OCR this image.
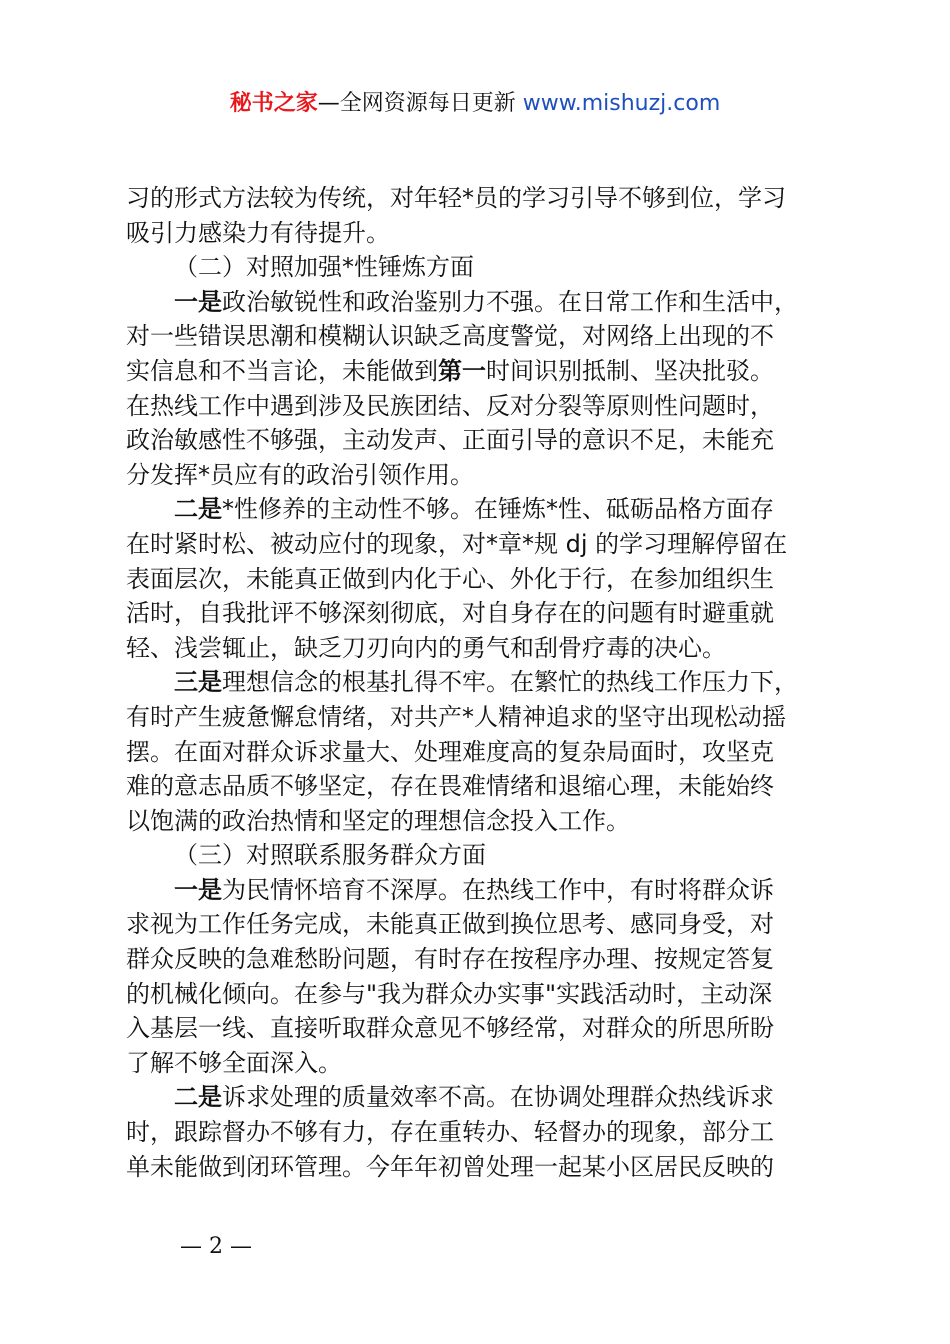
秘书之家—全网资源每日更新 www.mishuzj.com
习的形式方法较为传统，对年轻*员的学习引导不够到位，学习
吸引力感染力有待提升。
（二）对照加强*性锤炼方面
一是政治敏锐性和政治鉴别力不强。在日常工作和生活中，
对一些错误思潮和模糊认识缺乏高度警觉，对网络上出现的不
实信息和不当言论，未能做到第一时间识别抵制、坚决批驳。
在热线工作中遇到涉及民族团结、反对分裂等原则性问题时，
政治敏感性不够强，主动发声、正面引导的意识不足，未能充
分发挥*员应有的政治引领作用。
二是*性修养的主动性不够。在锤炼*性、砥砺品格方面存
在时紧时松、被动应付的现象，对*章*规 dj 的学习理解停留在
表面层次，未能真正做到内化于心、外化于行，在参加组织生
活时，自我批评不够深刻彻底，对自身存在的问题有时避重就
轻、浅尝辄止，缺乏刀刃向内的勇气和刮骨疗毒的决心。
三是理想信念的根基扎得不牢。在繁忙的热线工作压力下，
有时产生疲惫懈怠情绪，对共产*人精神追求的坚守出现松动摇
摆。在面对群众诉求量大、处理难度高的复杂局面时，攻坚克
难的意志品质不够坚定，存在畏难情绪和退缩心理，未能始终
以饱满的政治热情和坚定的理想信念投入工作。
（三）对照联系服务群众方面
一是为民情怀培育不深厚。在热线工作中，有时将群众诉
求视为工作任务完成，未能真正做到换位思考、感同身受，对
群众反映的急难愁盼问题，有时存在按程序办理、按规定答复
的机械化倾向。在参与"我为群众办实事"实践活动时，主动深
入基层一线、直接听取群众意见不够经常，对群众的所思所盼
了解不够全面深入。
二是诉求处理的质量效率不高。在协调处理群众热线诉求
时，跟踪督办不够有力，存在重转办、轻督办的现象，部分工
单未能做到闭环管理。今年年初曾处理一起某小区居民反映的
— 2 —
